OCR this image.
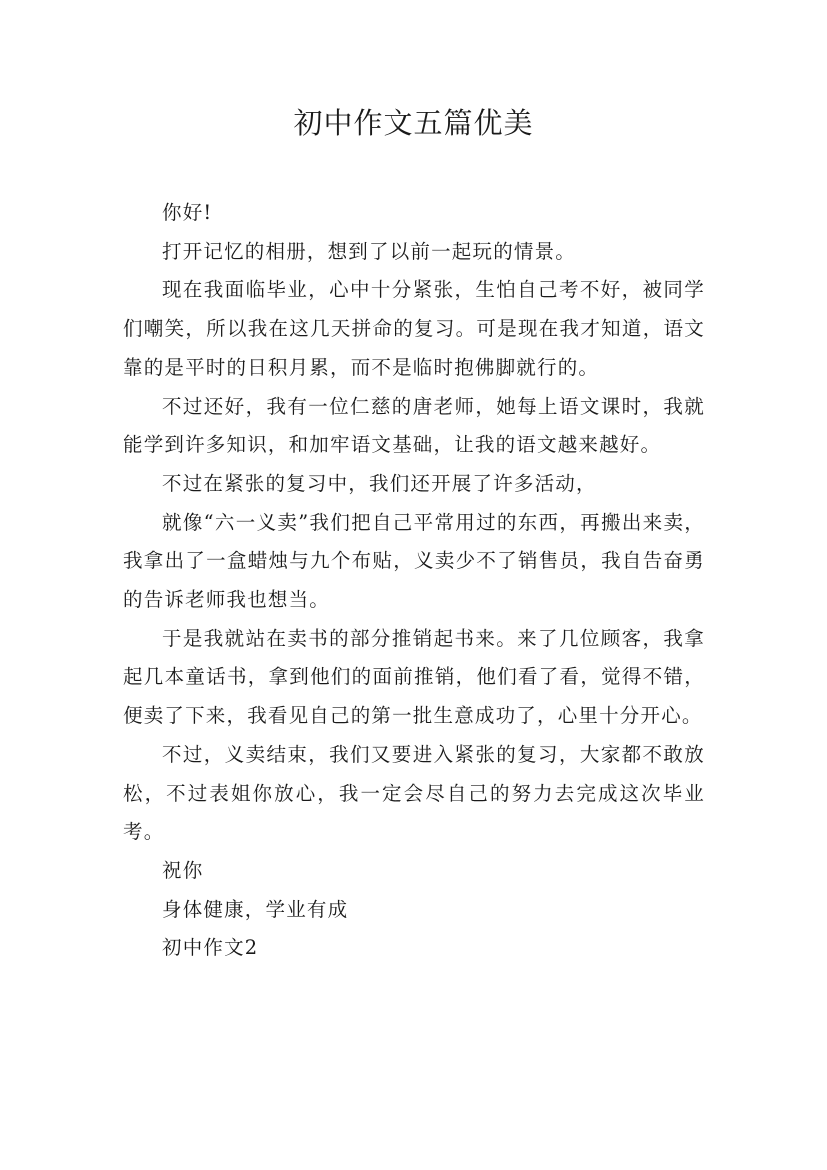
初中作文五篇优美

你好!

打开记忆的相册，想到了以前一起玩的情景。

现在我面临毕业，心中十分紧张，生怕自己考不好，被同学们嘲笑，所以我在这几天拼命的复习。可是现在我才知道，语文靠的是平时的日积月累，而不是临时抱佛脚就行的。

不过还好，我有一位仁慈的唐老师，她每上语文课时，我就能学到许多知识，和加牢语文基础，让我的语文越来越好。

不过在紧张的复习中，我们还开展了许多活动，

就像“六一义卖”我们把自己平常用过的东西，再搬出来卖，我拿出了一盒蜡烛与九个布贴，义卖少不了销售员，我自告奋勇的告诉老师我也想当。

于是我就站在卖书的部分推销起书来。来了几位顾客，我拿起几本童话书，拿到他们的面前推销，他们看了看，觉得不错，便卖了下来，我看见自己的第一批生意成功了，心里十分开心。

不过，义卖结束，我们又要进入紧张的复习，大家都不敢放松，不过表姐你放心，我一定会尽自己的努力去完成这次毕业考。

祝你

身体健康，学业有成

初中作文2
